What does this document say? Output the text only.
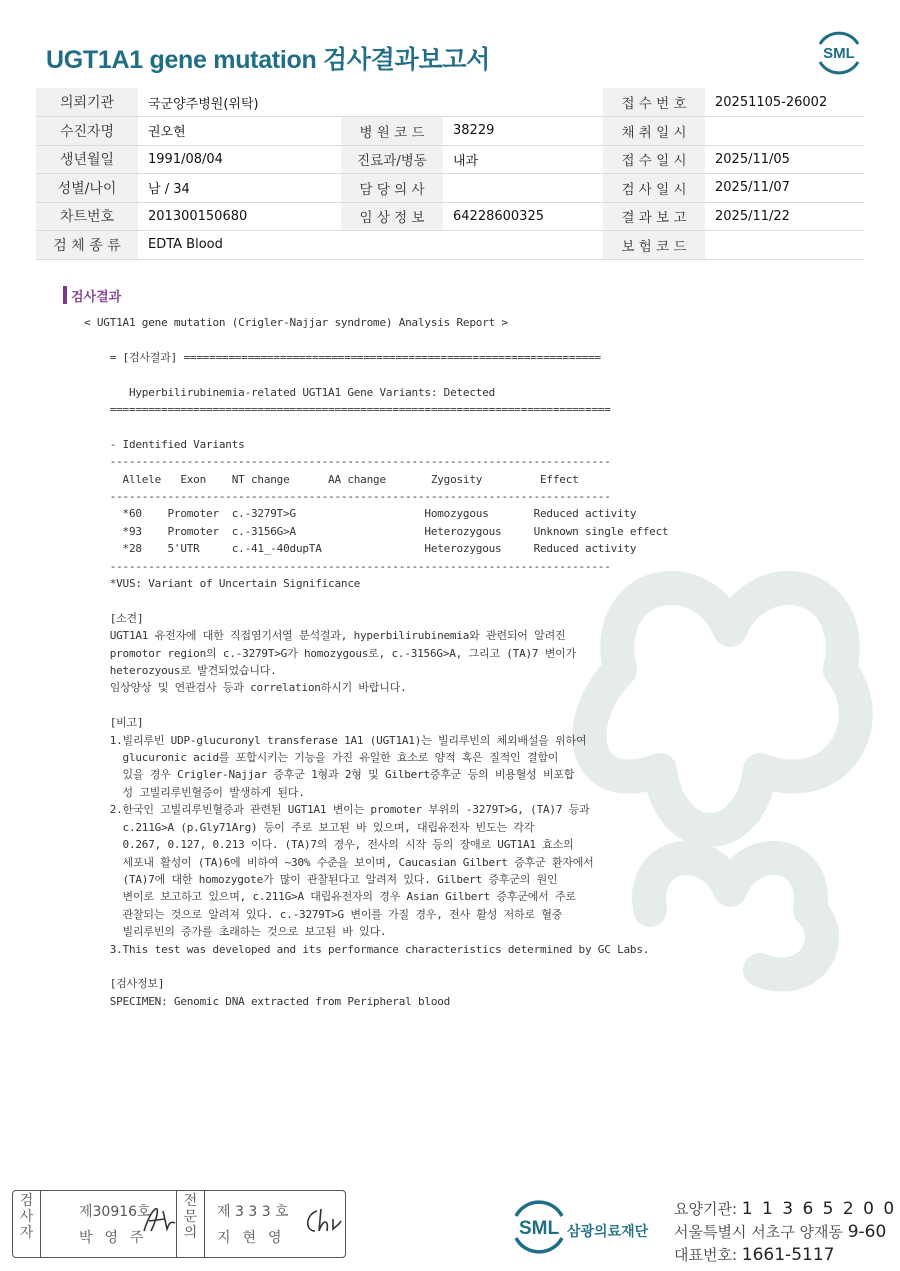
UGT1A1 gene mutation 검사결과보고서	SML
의뢰기관	국군양주병원(위탁)			접 수 번 호	20251105-26002
수진자명	권오현	병 원 코 드	38229	채 취 일 시	
생년월일	1991/08/04	진료과/병동	내과	접 수 일 시	2025/11/05
성별/나이	남 / 34	담 당 의 사		검 사 일 시	2025/11/07
차트번호	201300150680	임 상 정 보	64228600325	결 과 보 고	2025/11/22
검 체 종 류	EDTA Blood			보 험 코 드	
검사결과
< UGT1A1 gene mutation (Crigler-Najjar syndrome) Analysis Report >
= [검사결과] =================================================================
Hyperbilirubinemia-related UGT1A1 Gene Variants: Detected
==============================================================================
- Identified Variants
------------------------------------------------------------------------------
Allele   Exon    NT change      AA change       Zygosity         Effect
------------------------------------------------------------------------------
*60    Promoter  c.-3279T>G                    Homozygous       Reduced activity
*93    Promoter  c.-3156G>A                    Heterozygous     Unknown single effect
*28    5'UTR     c.-41_-40dupTA                Heterozygous     Reduced activity
------------------------------------------------------------------------------
*VUS: Variant of Uncertain Significance
[소견]
UGT1A1 유전자에 대한 직접염기서열 분석결과, hyperbilirubinemia와 관련되어 알려진
promotor region의 c.-3279T>G가 homozygous로, c.-3156G>A, 그리고 (TA)7 변이가
heterozyous로 발견되었습니다.
임상양상 및 연관검사 등과 correlation하시기 바랍니다.
[비고]
1.빌리루빈 UDP-glucuronyl transferase 1A1 (UGT1A1)는 빌리루빈의 체외배설을 위하여
glucuronic acid를 포합시키는 기능을 가진 유일한 효소로 양적 혹은 질적인 결함이
있을 경우 Crigler-Najjar 증후군 1형과 2형 및 Gilbert증후군 등의 비용혈성 비포합
성 고빌리루빈혈증이 발생하게 된다.
2.한국인 고빌리루빈혈증과 관련된 UGT1A1 변이는 promoter 부위의 -3279T>G, (TA)7 등과
c.211G>A (p.Gly71Arg) 등이 주로 보고된 바 있으며, 대립유전자 빈도는 각각
0.267, 0.127, 0.213 이다. (TA)7의 경우, 전사의 시작 등의 장애로 UGT1A1 효소의
세포내 활성이 (TA)6에 비하여 ~30% 수준을 보이며, Caucasian Gilbert 증후군 환자에서
(TA)7에 대한 homozygote가 많이 관찰된다고 알려져 있다. Gilbert 증후군의 원인
변이로 보고하고 있으며, c.211G>A 대립유전자의 경우 Asian Gilbert 증후군에서 주로
관찰되는 것으로 알려져 있다. c.-3279T>G 변이를 가질 경우, 전사 활성 저하로 혈중
빌리루빈의 증가를 초래하는 것으로 보고된 바 있다.
3.This test was developed and its performance characteristics determined by GC Labs.
[검사정보]
SPECIMEN: Genomic DNA extracted from Peripheral blood
검
사
자
제30916호
박영주
전
문
의
제 3 3 3 호
지현영	SML 삼광의료재단
요양기관: 1 1 3 6 5 2 0 0
서울특별시 서초구 양재동 9-60
대표번호: 1661-5117
